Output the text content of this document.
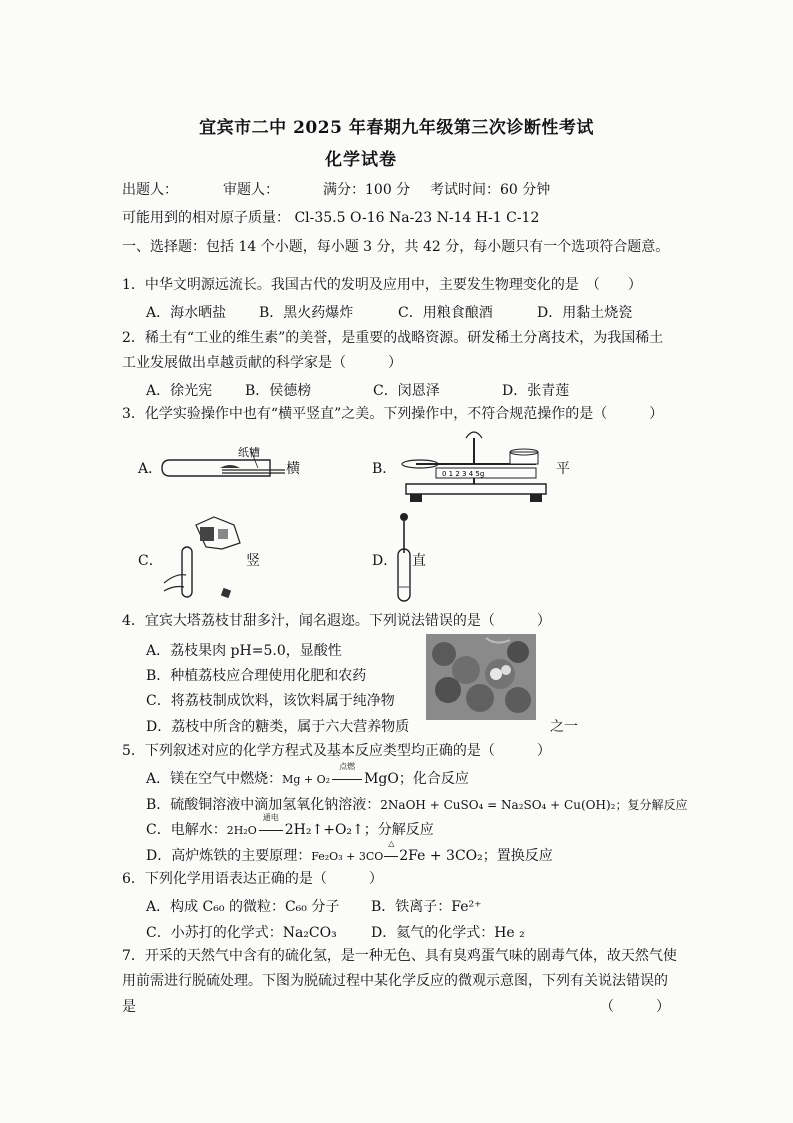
宜宾市二中 2025 年春期九年级第三次诊断性考试
化学试卷
出题人：	审题人：	满分：100 分 考试时间：60 分钟
可能用到的相对原子质量： Cl-35.5 O-16 Na-23 N-14 H-1 C-12
一、选择题：包括 14 个小题，每小题 3 分，共 42 分，每小题只有一个选项符合题意。
1．中华文明源远流长。我国古代的发明及应用中，主要发生物理变化的是　（　　）
A．海水晒盐 B．黑火药爆炸	C．用粮食酿酒	D．用黏土烧瓷
2．稀土有“工业的维生素”的美誉，是重要的战略资源。研发稀土分离技术，为我国稀土
工业发展做出卓越贡献的科学家是（　　　）
A．徐光宪 B．侯德榜	C．闵恩泽	D．张青莲
3．化学实验操作中也有“横平竖直”之美。下列操作中，不符合规范操作的是（　　　）
A．
纸槽
横	B．	平
0 1 2 3 4 5g
C．	竖	D． 直
4．宜宾大塔荔枝甘甜多汁，闻名遐迩。下列说法错误的是（　　　）
A．荔枝果肉 pH=5.0，显酸性
B．种植荔枝应合理使用化肥和农药
C．将荔枝制成饮料，该饮料属于纯净物
D．荔枝中所含的糖类，属于六大营养物质	之一
5．下列叙述对应的化学方程式及基本反应类型均正确的是（　　　）
A．镁在空气中燃烧：Mg + O₂
点燃
MgO；化合反应
B．硫酸铜溶液中滴加氢氧化钠溶液：2NaOH + CuSO₄ = Na₂SO₄ + Cu(OH)₂；复分解反应
C．电解水：2H₂O
通电
2H₂↑+O₂↑；分解反应
D．高炉炼铁的主要原理：Fe₂O₃ + 3CO
△
2Fe + 3CO₂；置换反应
6．下列化学用语表达正确的是（　　　）
A．构成 C₆₀ 的微粒：C₆₀ 分子 B．铁离子：Fe²⁺
C．小苏打的化学式：Na₂CO₃ D．氦气的化学式：He ₂
7．开采的天然气中含有的硫化氢，是一种无色、具有臭鸡蛋气味的剧毒气体，故天然气使
用前需进行脱硫处理。下图为脱硫过程中某化学反应的微观示意图，下列有关说法错误的
是	（　　　）
